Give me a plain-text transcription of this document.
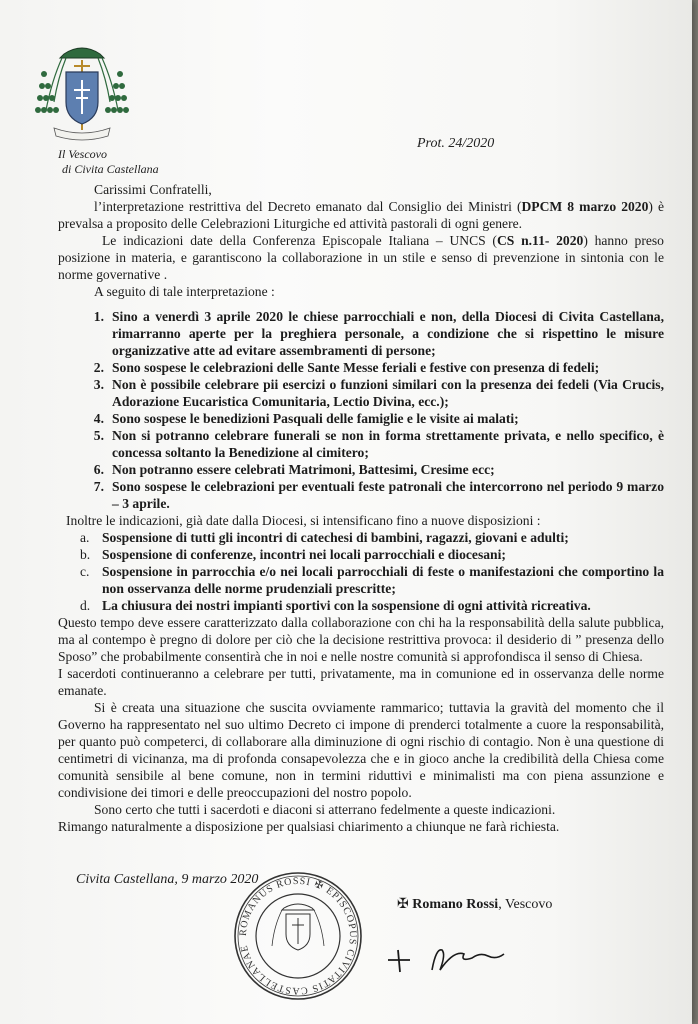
Il Vescovo
di Civita Castellana
Prot. 24/2020

Carissimi Confratelli,

l’interpretazione restrittiva del Decreto emanato dal Consiglio dei Ministri (DPCM 8 marzo 2020) è prevalsa a proposito delle Celebrazioni Liturgiche ed attività pastorali di ogni genere.

Le indicazioni date della Conferenza Episcopale Italiana – UNCS (CS n.11- 2020) hanno preso posizione in materia, e garantiscono la collaborazione in un stile e senso di prevenzione in sintonia con le norme governative .

A seguito di tale interpretazione :

1. Sino a venerdì 3 aprile 2020 le chiese parrocchiali e non, della Diocesi di Civita Castellana, rimarranno aperte per la preghiera personale, a condizione che si rispettino le misure organizzative atte ad evitare assembramenti di persone;
2. Sono sospese le celebrazioni delle Sante Messe feriali e festive con presenza di fedeli;
3. Non è possibile celebrare pii esercizi o funzioni similari con la presenza dei fedeli (Via Crucis, Adorazione Eucaristica Comunitaria, Lectio Divina, ecc.);
4. Sono sospese le benedizioni Pasquali delle famiglie e le visite ai malati;
5. Non si potranno celebrare funerali se non in forma strettamente privata, e nello specifico, è concessa soltanto la Benedizione al cimitero;
6. Non potranno essere celebrati Matrimoni, Battesimi, Cresime ecc;
7. Sono sospese le celebrazioni per eventuali feste patronali che intercorrono nel periodo 9 marzo – 3 aprile.

Inoltre le indicazioni, già date dalla Diocesi, si intensificano fino a nuove disposizioni :

a. Sospensione di tutti gli incontri di catechesi di bambini, ragazzi, giovani e adulti;
b. Sospensione di conferenze, incontri nei locali parrocchiali e diocesani;
c. Sospensione in parrocchia e/o nei locali parrocchiali di feste o manifestazioni che comportino la non osservanza delle norme prudenziali prescritte;
d. La chiusura dei nostri impianti sportivi con la sospensione di ogni attività ricreativa.

Questo tempo deve essere caratterizzato dalla collaborazione con chi ha la responsabilità della salute pubblica, ma al contempo è pregno di dolore per ciò che la decisione restrittiva provoca: il desiderio di ” presenza dello Sposo” che probabilmente consentirà che in noi e nelle nostre comunità si approfondisca il senso di Chiesa.

I sacerdoti continueranno a celebrare per tutti, privatamente, ma in comunione ed in osservanza delle norme emanate.

Si è creata una situazione che suscita ovviamente rammarico; tuttavia la gravità del momento che il Governo ha rappresentato nel suo ultimo Decreto ci impone di prenderci totalmente a cuore la responsabilità, per quanto può competerci, di collaborare alla diminuzione di ogni rischio di contagio. Non è una questione di centimetri di vicinanza, ma di profonda consapevolezza che e in gioco anche la credibilità della Chiesa come comunità sensibile al bene comune, non in termini riduttivi e minimalisti ma con piena assunzione e condivisione dei timori e delle preoccupazioni del nostro popolo.

Sono certo che tutti i sacerdoti e diaconi si atterrano fedelmente a queste indicazioni.

Rimango naturalmente a disposizione per qualsiasi chiarimento a chiunque ne farà richiesta.

Civita Castellana, 9 marzo 2020
ROMANUS ROSSI ✠ EPISCOPUS CIVITATIS CASTELLANAE
✠ Romano Rossi, Vescovo
